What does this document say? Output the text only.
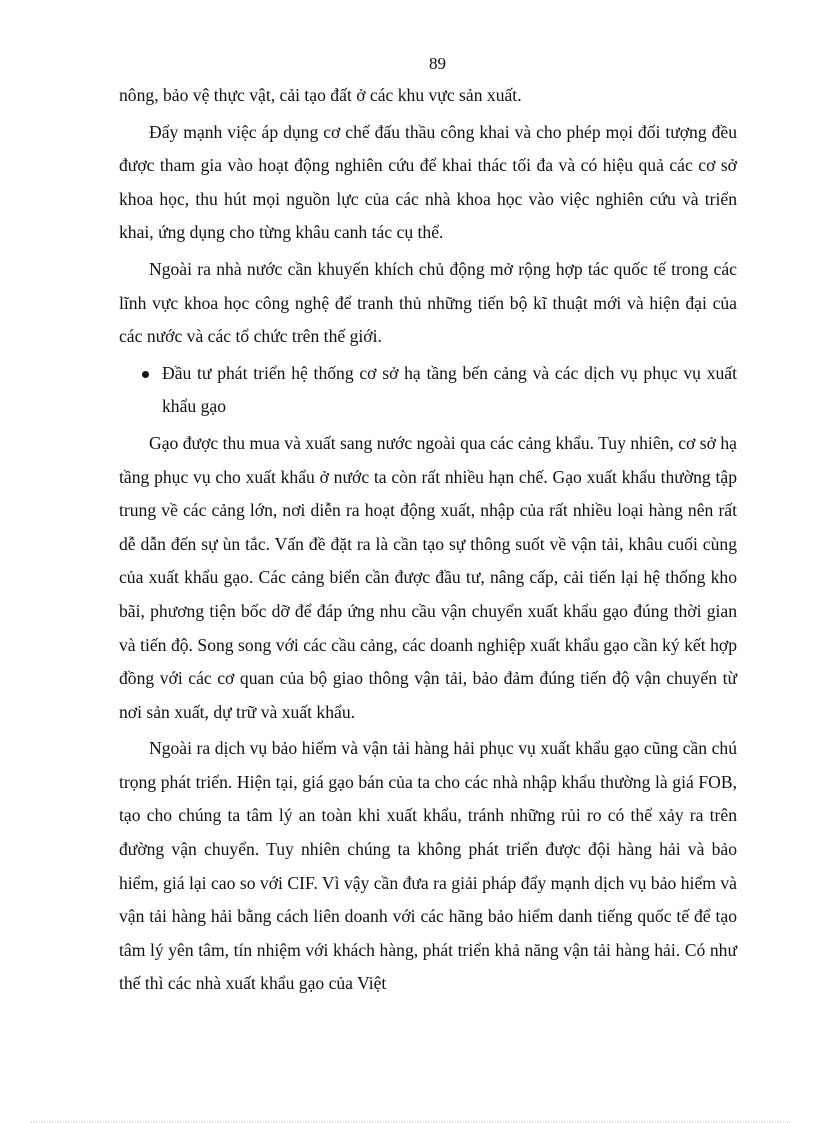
89

nông, bảo vệ thực vật, cải tạo đất ở các khu vực sản xuất.

Đẩy mạnh việc áp dụng cơ chế đấu thầu công khai và cho phép mọi đối tượng đều được tham gia vào hoạt động nghiên cứu để khai thác tối đa và có hiệu quả các cơ sở khoa học, thu hút mọi nguồn lực của các nhà khoa học vào việc nghiên cứu và triển khai, ứng dụng cho từng khâu canh tác cụ thể.

Ngoài ra nhà nước cần khuyến khích chủ động mở rộng hợp tác quốc tế trong các lĩnh vực khoa học công nghệ để tranh thủ những tiến bộ kĩ thuật mới và hiện đại của các nước và các tổ chức trên thế giới.

Đầu tư phát triển hệ thống cơ sở hạ tầng bến cảng và các dịch vụ phục vụ xuất khẩu gạo

Gạo được thu mua và xuất sang nước ngoài qua các cảng khẩu. Tuy nhiên, cơ sở hạ tầng phục vụ cho xuất khẩu ở nước ta còn rất nhiều hạn chế. Gạo xuất khẩu thường tập trung về các cảng lớn, nơi diễn ra hoạt động xuất, nhập của rất nhiều loại hàng nên rất dễ dẫn đến sự ùn tắc. Vấn đề đặt ra là cần tạo sự thông suốt về vận tải, khâu cuối cùng của xuất khẩu gạo. Các cảng biển cần được đầu tư, nâng cấp, cải tiến lại hệ thống kho bãi, phương tiện bốc dỡ để đáp ứng nhu cầu vận chuyển xuất khẩu gạo đúng thời gian và tiến độ. Song song với các cầu cảng, các doanh nghiệp xuất khẩu gạo cần ký kết hợp đồng với các cơ quan của bộ giao thông vận tải, bảo đảm đúng tiến độ vận chuyển từ nơi sản xuất, dự trữ và xuất khẩu.

Ngoài ra dịch vụ bảo hiểm và vận tải hàng hải phục vụ xuất khẩu gạo cũng cần chú trọng phát triển. Hiện tại, giá gạo bán của ta cho các nhà nhập khẩu thường là giá FOB, tạo cho chúng ta tâm lý an toàn khi xuất khẩu, tránh những rủi ro có thể xảy ra trên đường vận chuyển. Tuy nhiên chúng ta không phát triển được đội hàng hải và bảo hiểm, giá lại cao so với CIF. Vì vậy cần đưa ra giải pháp đẩy mạnh dịch vụ bảo hiểm và vận tải hàng hải bằng cách liên doanh với các hãng bảo hiểm danh tiếng quốc tế để tạo tâm lý yên tâm, tín nhiệm với khách hàng, phát triển khả năng vận tải hàng hải. Có như thế thì các nhà xuất khẩu gạo của Việt
